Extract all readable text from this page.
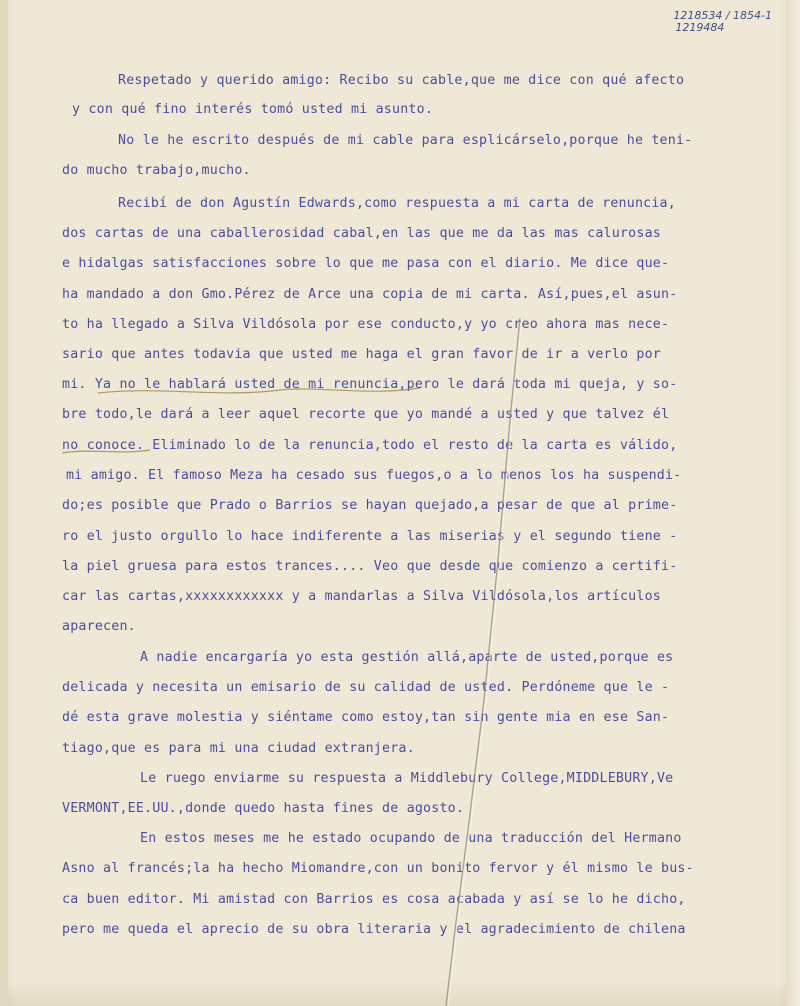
1218534 / 1854-1
1219484
Respetado y querido amigo: Recibo su cable,que me dice con qué afecto
y con qué fino interés tomó usted mi asunto.
No le he escrito después de mi cable para esplicárselo,porque he teni-
do mucho trabajo,mucho.
Recibí de don Agustín Edwards,como respuesta a mi carta de renuncia,
dos cartas de una caballerosidad cabal,en las que me da las mas calurosas
e hidalgas satisfacciones sobre lo que me pasa con el diario. Me dice que-
ha mandado a don Gmo.Pérez de Arce una copia de mi carta. Así,pues,el asun-
to ha llegado a Silva Vildósola por ese conducto,y yo creo ahora mas nece-
sario que antes todavia que usted me haga el gran favor de ir a verlo por
mi. Ya no le hablará usted de mi renuncia,pero le dará toda mi queja, y so-
bre todo,le dará a leer aquel recorte que yo mandé a usted y que talvez él
no conoce. Eliminado lo de la renuncia,todo el resto de la carta es válido,
mi amigo. El famoso Meza ha cesado sus fuegos,o a lo menos los ha suspendi-
do;es posible que Prado o Barrios se hayan quejado,a pesar de que al prime-
ro el justo orgullo lo hace indiferente a las miserias y el segundo tiene -
la piel gruesa para estos trances.... Veo que desde que comienzo a certifi-
car las cartas,xxxxxxxxxxxx y a mandarlas a Silva Vildósola,los artículos
aparecen.
A nadie encargaría yo esta gestión allá,aparte de usted,porque es
delicada y necesita un emisario de su calidad de usted. Perdóneme que le -
dé esta grave molestia y siéntame como estoy,tan sin gente mia en ese San-
tiago,que es para mi una ciudad extranjera.
Le ruego enviarme su respuesta a Middlebury College,MIDDLEBURY,Ve
VERMONT,EE.UU.,donde quedo hasta fines de agosto.
En estos meses me he estado ocupando de una traducción del Hermano
Asno al francés;la ha hecho Miomandre,con un bonito fervor y él mismo le bus-
ca buen editor. Mi amistad con Barrios es cosa acabada y así se lo he dicho,
pero me queda el aprecio de su obra literaria y el agradecimiento de chilena
